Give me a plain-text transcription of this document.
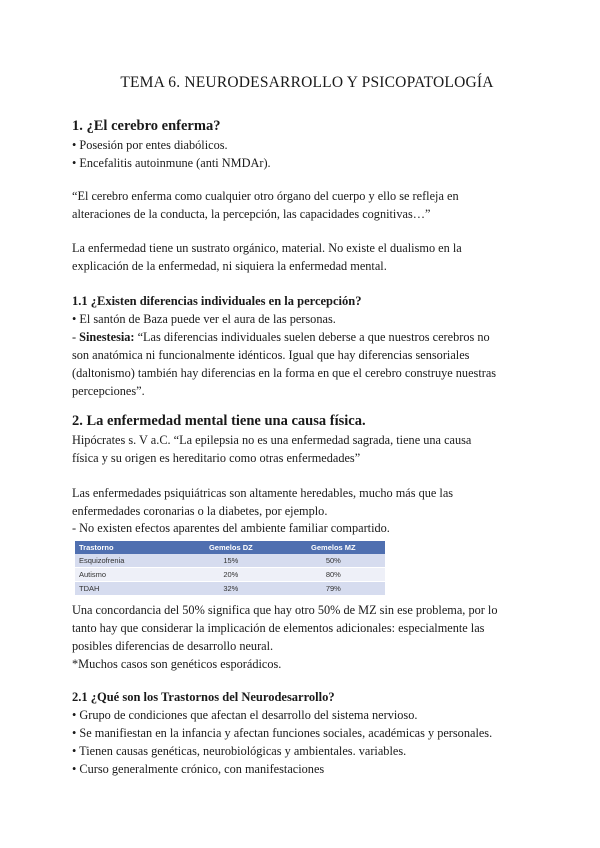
TEMA 6. NEURODESARROLLO Y PSICOPATOLOGÍA
1. ¿El cerebro enferma?

• Posesión por entes diabólicos.

• Encefalitis autoinmune (anti NMDAr).

“El cerebro enferma como cualquier otro órgano del cuerpo y ello se refleja en

alteraciones de la conducta, la percepción, las capacidades cognitivas…”

La enfermedad tiene un sustrato orgánico, material. No existe el dualismo en la

explicación de la enfermedad, ni siquiera la enfermedad mental.

1.1 ¿Existen diferencias individuales en la percepción?

• El santón de Baza puede ver el aura de las personas.

- Sinestesia: “Las diferencias individuales suelen deberse a que nuestros cerebros no

son anatómica ni funcionalmente idénticos. Igual que hay diferencias sensoriales

(daltonismo) también hay diferencias en la forma en que el cerebro construye nuestras

percepciones”.

2. La enfermedad mental tiene una causa física.

Hipócrates s. V a.C. “La epilepsia no es una enfermedad sagrada, tiene una causa

física y su origen es hereditario como otras enfermedades”

Las enfermedades psiquiátricas son altamente heredables, mucho más que las

enfermedades coronarias o la diabetes, por ejemplo.

- No existen efectos aparentes del ambiente familiar compartido.

Trastorno	Gemelos DZ	Gemelos MZ
Esquizofrenia	15%	50%
Autismo	20%	80%
TDAH	32%	79%

Una concordancia del 50% significa que hay otro 50% de MZ sin ese problema, por lo

tanto hay que considerar la implicación de elementos adicionales: especialmente las

posibles diferencias de desarrollo neural.

*Muchos casos son genéticos esporádicos.

2.1 ¿Qué son los Trastornos del Neurodesarrollo?

• Grupo de condiciones que afectan el desarrollo del sistema nervioso.

• Se manifiestan en la infancia y afectan funciones sociales, académicas y personales.

• Tienen causas genéticas, neurobiológicas y ambientales. variables.

• Curso generalmente crónico, con manifestaciones
